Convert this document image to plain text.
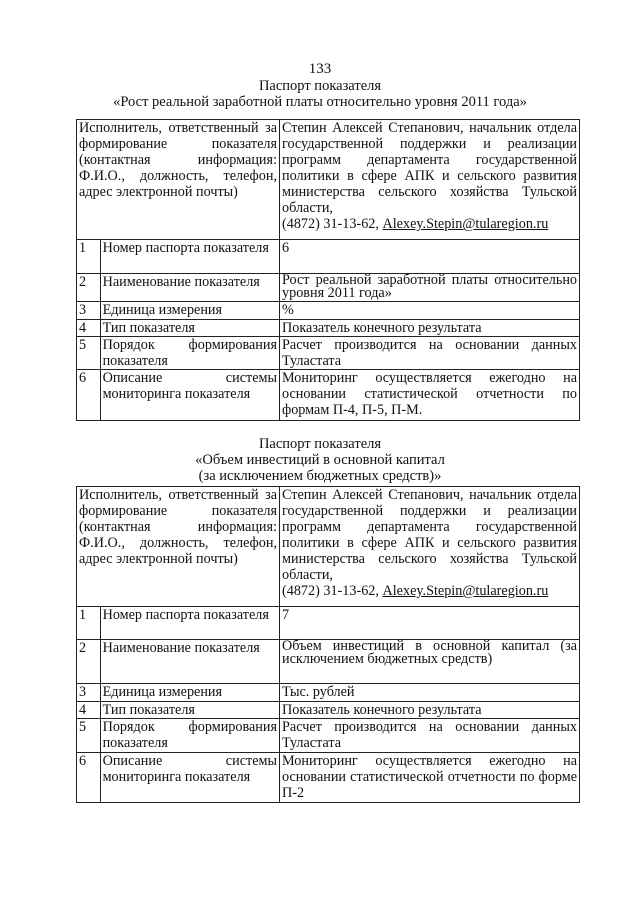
133
Паспорт показателя
«Рост реальной заработной платы относительно уровня 2011 года»
Исполнитель, ответственный за формирование показателя (контактная информация: Ф.И.О., должность, телефон, адрес электронной почты)		Степин Алексей Степанович, начальник отдела государственной поддержки и реализации программ департамента государственной политики в сфере АПК и сельского развития министерства сельского хозяйства Тульской области,
(4872) 31-13-62, Alexey.Stepin@tularegion.ru
1	Номер паспорта показателя	6
2	Наименование показателя	Рост реальной заработной платы относительно уровня 2011 года»
3	Единица измерения	%
4	Тип показателя	Показатель конечного результата
5	Порядок формирования показателя	Расчет производится на основании данных Туластата
6	Описание системы мониторинга показателя	Мониторинг осуществляется ежегодно на основании статистической отчетности по формам П-4, П-5, П-М.
Паспорт показателя
«Объем инвестиций в основной капитал
(за исключением бюджетных средств)»
Исполнитель, ответственный за формирование показателя (контактная информация: Ф.И.О., должность, телефон, адрес электронной почты)		Степин Алексей Степанович, начальник отдела государственной поддержки и реализации программ департамента государственной политики в сфере АПК и сельского развития министерства сельского хозяйства Тульской области,
(4872) 31-13-62, Alexey.Stepin@tularegion.ru
1	Номер паспорта показателя	7
2	Наименование показателя	Объем инвестиций в основной капитал (за исключением бюджетных средств)
3	Единица измерения	Тыс. рублей
4	Тип показателя	Показатель конечного результата
5	Порядок формирования показателя	Расчет производится на основании данных Туластата
6	Описание системы мониторинга показателя	Мониторинг осуществляется ежегодно на основании статистической отчетности по форме П-2
